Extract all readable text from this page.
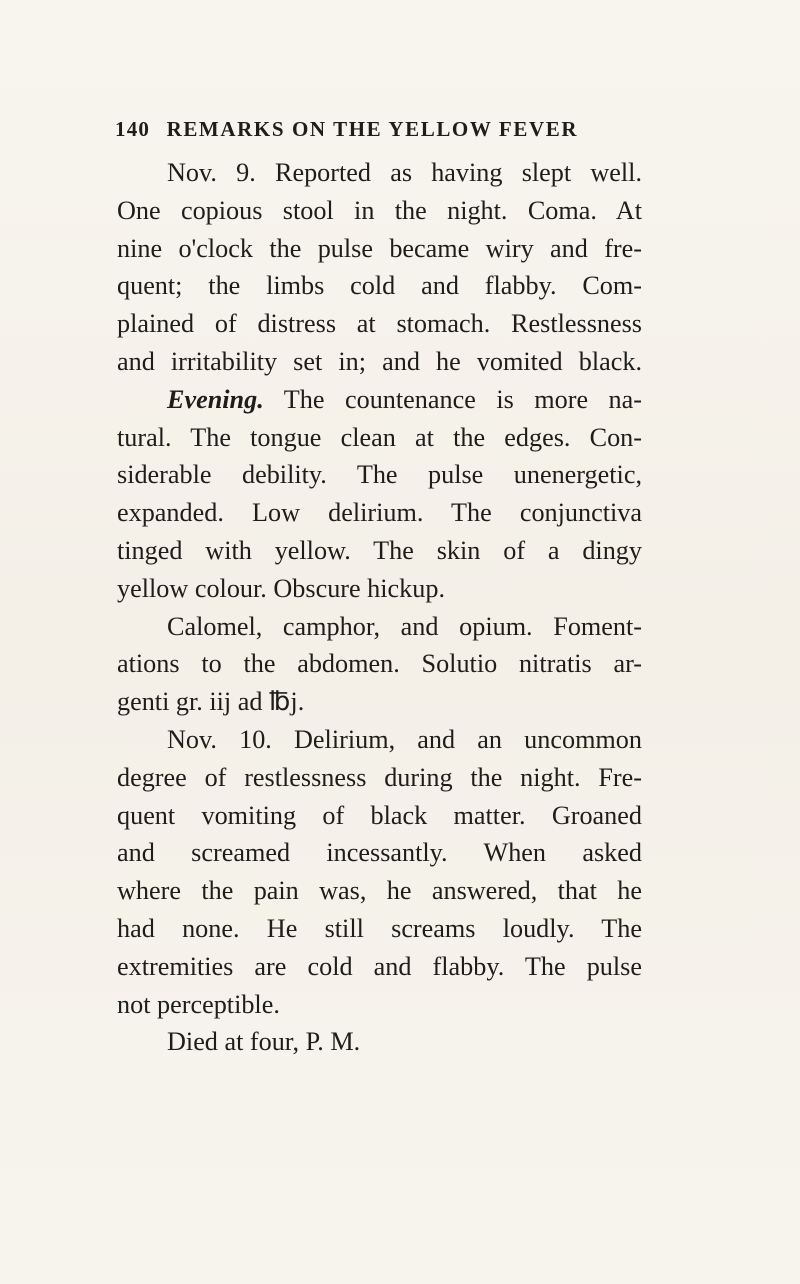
140 REMARKS ON THE YELLOW FEVER
Nov. 9. Reported as having slept well.
One copious stool in the night. Coma. At
nine o'clock the pulse became wiry and fre-
quent; the limbs cold and flabby. Com-
plained of distress at stomach. Restlessness
and irritability set in; and he vomited black.
Evening. The countenance is more na-
tural. The tongue clean at the edges. Con-
siderable debility. The pulse unenergetic,
expanded. Low delirium. The conjunctiva
tinged with yellow. The skin of a dingy
yellow colour. Obscure hickup.
Calomel, camphor, and opium. Foment-
ations to the abdomen. Solutio nitratis ar-
genti gr. iij ad ℔j.
Nov. 10. Delirium, and an uncommon
degree of restlessness during the night. Fre-
quent vomiting of black matter. Groaned
and screamed incessantly. When asked
where the pain was, he answered, that he
had none. He still screams loudly. The
extremities are cold and flabby. The pulse
not perceptible.
Died at four, P. M.
